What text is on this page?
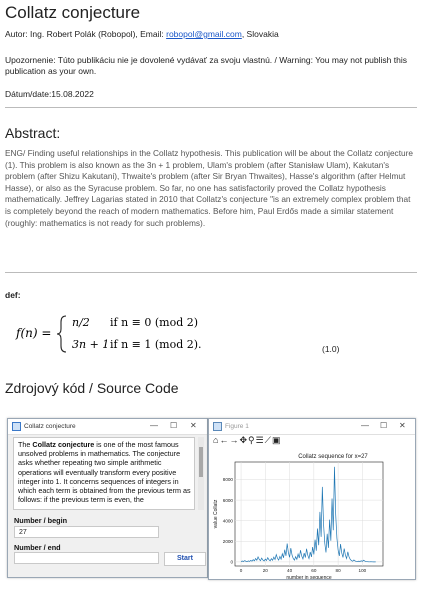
Collatz conjecture
Autor: Ing. Robert Polák (Robopol), Email: robopol@gmail.com, Slovakia
Upozornenie: Túto publikáciu nie je dovolené vydávať za svoju vlastnú. / Warning: You may not publish this publication as your own.
Dátum/date:15.08.2022
Abstract:
ENG/ Finding useful relationships in the Collatz hypothesis. This publication will be about the Collatz conjecture (1). This problem is also known as the 3n + 1 problem, Ulam's problem (after Stanisław Ulam), Kakutan's problem (after Shizu Kakutani), Thwaite's problem (after Sir Bryan Thwaites), Hasse's algorithm (after Helmut Hasse), or also as the Syracuse problem. So far, no one has satisfactorily proved the Collatz hypothesis mathematically. Jeffrey Lagarias stated in 2010 that Collatz's conjecture "is an extremely complex problem that is completely beyond the reach of modern mathematics. Before him, Paul Erdős made a similar statement (roughly: mathematics is not ready for such problems).
def:
f(n) =
n/2 if n ≡ 0 (mod 2)
3n + 1 if n ≡ 1 (mod 2).	(1.0)
Zdrojový kód / Source Code
Collatz conjecture	— ☐ ✕
The Collatz conjecture is one of the most famous unsolved problems in mathematics. The conjecture asks whether repeating two simple arithmetic operations will eventually transform every positive integer into 1. It concerns sequences of integers in which each term is obtained from the previous term as follows: if the previous term is even, the
Number / begin
27
Number / end
Start
Figure 1	— ☐ ✕
⌂←→✥⚲☰⟋▣
Collatz sequence for x=27
0
2000
4000
6000
8000
0	20	40	60	80	100
number in sequence
value Collatz
